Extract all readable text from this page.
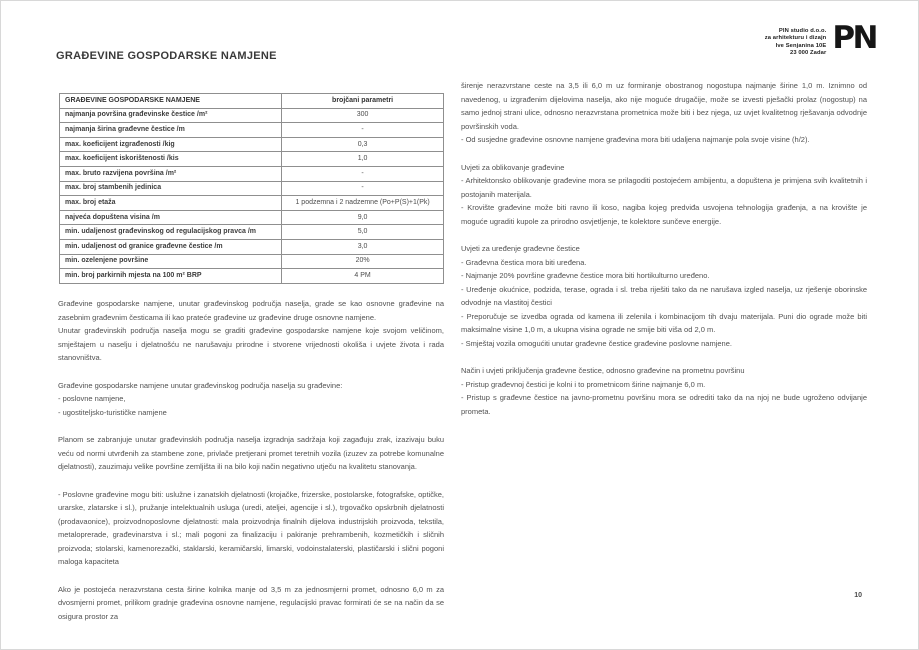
PIN studio d.o.o.
za arhitekturu i dizajn
Ive Senjanina 10E
23 000 Zadar PN
GRAĐEVINE GOSPODARSKE NAMJENE
GRAĐEVINE GOSPODARSKE NAMJENE	brojčani parametri
najmanja površina građevinske čestice /m²	300
najmanja širina građevne čestice /m	-
max. koeficijent izgrađenosti /kig	0,3
max. koeficijent iskorištenosti /kis	1,0
max. bruto razvijena površina /m²	-
max. broj stambenih jedinica	-
max. broj etaža	1 podzemna i 2 nadzemne (Po+P(S)+1(Pk)
najveća dopuštena visina /m	9,0
min. udaljenost građevinskog od regulacijskog pravca /m	5,0
min. udaljenost od granice građevne čestice /m	3,0
min. ozelenjene površine	20%
min. broj parkirnih mjesta na 100 m² BRP	4 PM

Građevine gospodarske namjene, unutar građevinskog područja naselja, grade se kao osnovne građevine na zasebnim građevnim česticama ili kao prateće građevine uz građevine druge osnovne namjene.

Unutar građevinskih područja naselja mogu se graditi građevine gospodarske namjene koje svojom veličinom, smještajem u naselju i djelatnošću ne narušavaju prirodne i stvorene vrijednosti okoliša i uvjete života i rada stanovništva.

Građevine gospodarske namjene unutar građevinskog područja naselja su građevine:

- poslovne namjene,

- ugostiteljsko-turističke namjene

Planom se zabranjuje unutar građevinskih područja naselja izgradnja sadržaja koji zagađuju zrak, izazivaju buku veću od normi utvrđenih za stambene zone, privlače pretjerani promet teretnih vozila (izuzev za potrebe komunalne djelatnosti), zauzimaju velike površine zemljišta ili na bilo koji način negativno utječu na kvalitetu stanovanja.

- Poslovne građevine mogu biti: uslužne i zanatskih djelatnosti (krojačke, frizerske, postolarske, fotografske, optičke, urarske, zlatarske i sl.), pružanje intelektualnih usluga (uredi, ateljei, agencije i sl.), trgovačko opskrbnih djelatnosti (prodavaonice), proizvodnoposlovne djelatnosti: mala proizvodnja finalnih dijelova industrijskih proizvoda, tekstila, metaloprerade, građevinarstva i sl.; mali pogoni za finalizaciju i pakiranje prehrambenih, kozmetičkih i sličnih proizvoda; stolarski, kamenorezački, staklarski, keramičarski, limarski, vodoinstalaterski, plastičarski i slični pogoni maloga kapaciteta

Ako je postojeća nerazvrstana cesta širine kolnika manje od 3,5 m za jednosmjerni promet, odnosno 6,0 m za dvosmjerni promet, prilikom gradnje građevina osnovne namjene, regulacijski pravac formirati će se na način da se osigura prostor za

širenje nerazvrstane ceste na 3,5 ili 6,0 m uz formiranje obostranog nogostupa najmanje širine 1,0 m. Iznimno od navedenog, u izgrađenim dijelovima naselja, ako nije moguće drugačije, može se izvesti pješački prolaz (nogostup) na samo jednoj strani ulice, odnosno nerazvrstana prometnica može biti i bez njega, uz uvjet kvalitetnog rješavanja odvodnje površinskih voda.

- Od susjedne građevine osnovne namjene građevina mora biti udaljena najmanje pola svoje visine (h/2).

Uvjeti za oblikovanje građevine

- Arhitektonsko oblikovanje građevine mora se prilagoditi postojećem ambijentu, a dopuštena je primjena svih kvalitetnih i postojanih materijala.

- Krovište građevine može biti ravno ili koso, nagiba kojeg predviđa usvojena tehnologija građenja, a na krovište je moguće ugraditi kupole za prirodno osvjetljenje, te kolektore sunčeve energije.

Uvjeti za uređenje građevne čestice

- Građevna čestica mora biti uređena.

- Najmanje 20% površine građevne čestice mora biti hortikulturno uređeno.

- Uređenje okućnice, podzida, terase, ograda i sl. treba riješiti tako da ne narušava izgled naselja, uz rješenje oborinske odvodnje na vlastitoj čestici

- Preporučuje se izvedba ograda od kamena ili zelenila i kombinacijom tih dvaju materijala. Puni dio ograde može biti maksimalne visine 1,0 m, a ukupna visina ograde ne smije biti viša od 2,0 m.

- Smještaj vozila omogućiti unutar građevne čestice građevine poslovne namjene.

Način i uvjeti priključenja građevne čestice, odnosno građevine na prometnu površinu

- Pristup građevnoj čestici je kolni i to prometnicom širine najmanje 6,0 m.

- Pristup s građevne čestice na javno-prometnu površinu mora se odrediti tako da na njoj ne bude ugroženo odvijanje prometa.

10
